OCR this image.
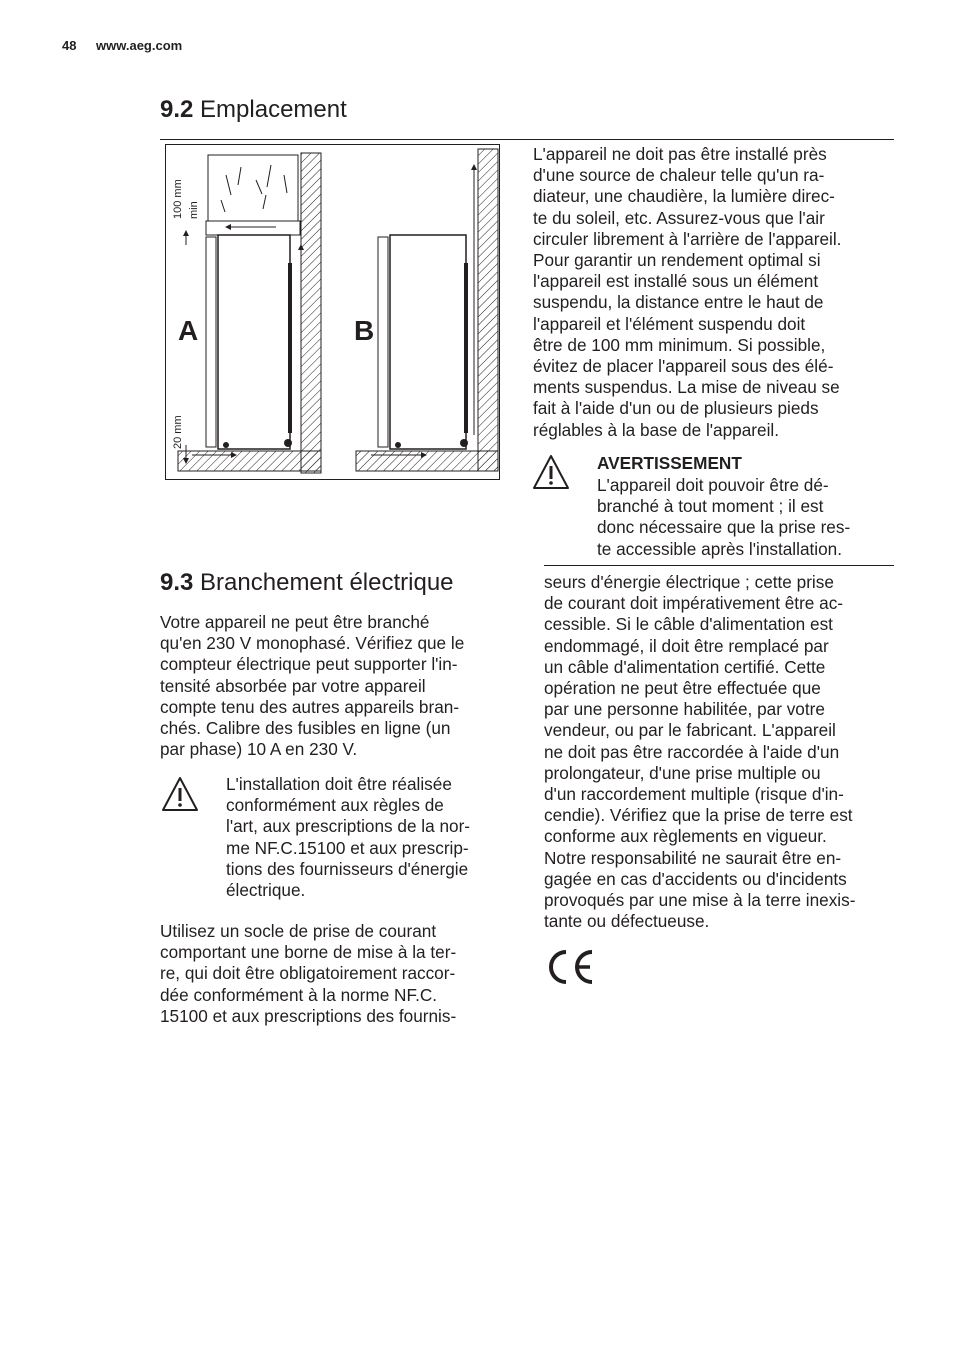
48 www.aeg.com
9.2 Emplacement
A	B
100 mm min
20 mm
L'appareil ne doit pas être installé près
d'une source de chaleur telle qu'un ra-
diateur, une chaudière, la lumière direc-
te du soleil, etc. Assurez-vous que l'air
circuler librement à l'arrière de l'appareil.
Pour garantir un rendement optimal si
l'appareil est installé sous un élément
suspendu, la distance entre le haut de
l'appareil et l'élément suspendu doit
être de 100 mm minimum. Si possible,
évitez de placer l'appareil sous des élé-
ments suspendus. La mise de niveau se
fait à l'aide d'un ou de plusieurs pieds
réglables à la base de l'appareil.
AVERTISSEMENT
L'appareil doit pouvoir être dé-
branché à tout moment ; il est
donc nécessaire que la prise res-
te accessible après l'installation.
9.3 Branchement électrique
Votre appareil ne peut être branché
qu'en 230 V monophasé. Vérifiez que le
compteur électrique peut supporter l'in-
tensité absorbée par votre appareil
compte tenu des autres appareils bran-
chés. Calibre des fusibles en ligne (un
par phase) 10 A en 230 V.
L'installation doit être réalisée
conformément aux règles de
l'art, aux prescriptions de la nor-
me NF.C.15100 et aux prescrip-
tions des fournisseurs d'énergie
électrique.
Utilisez un socle de prise de courant
comportant une borne de mise à la ter-
re, qui doit être obligatoirement raccor-
dée conformément à la norme NF.C.
15100 et aux prescriptions des fournis-
seurs d'énergie électrique ; cette prise
de courant doit impérativement être ac-
cessible. Si le câble d'alimentation est
endommagé, il doit être remplacé par
un câble d'alimentation certifié. Cette
opération ne peut être effectuée que
par une personne habilitée, par votre
vendeur, ou par le fabricant. L'appareil
ne doit pas être raccordée à l'aide d'un
prolongateur, d'une prise multiple ou
d'un raccordement multiple (risque d'in-
cendie). Vérifiez que la prise de terre est
conforme aux règlements en vigueur.
Notre responsabilité ne saurait être en-
gagée en cas d'accidents ou d'incidents
provoqués par une mise à la terre inexis-
tante ou défectueuse.
